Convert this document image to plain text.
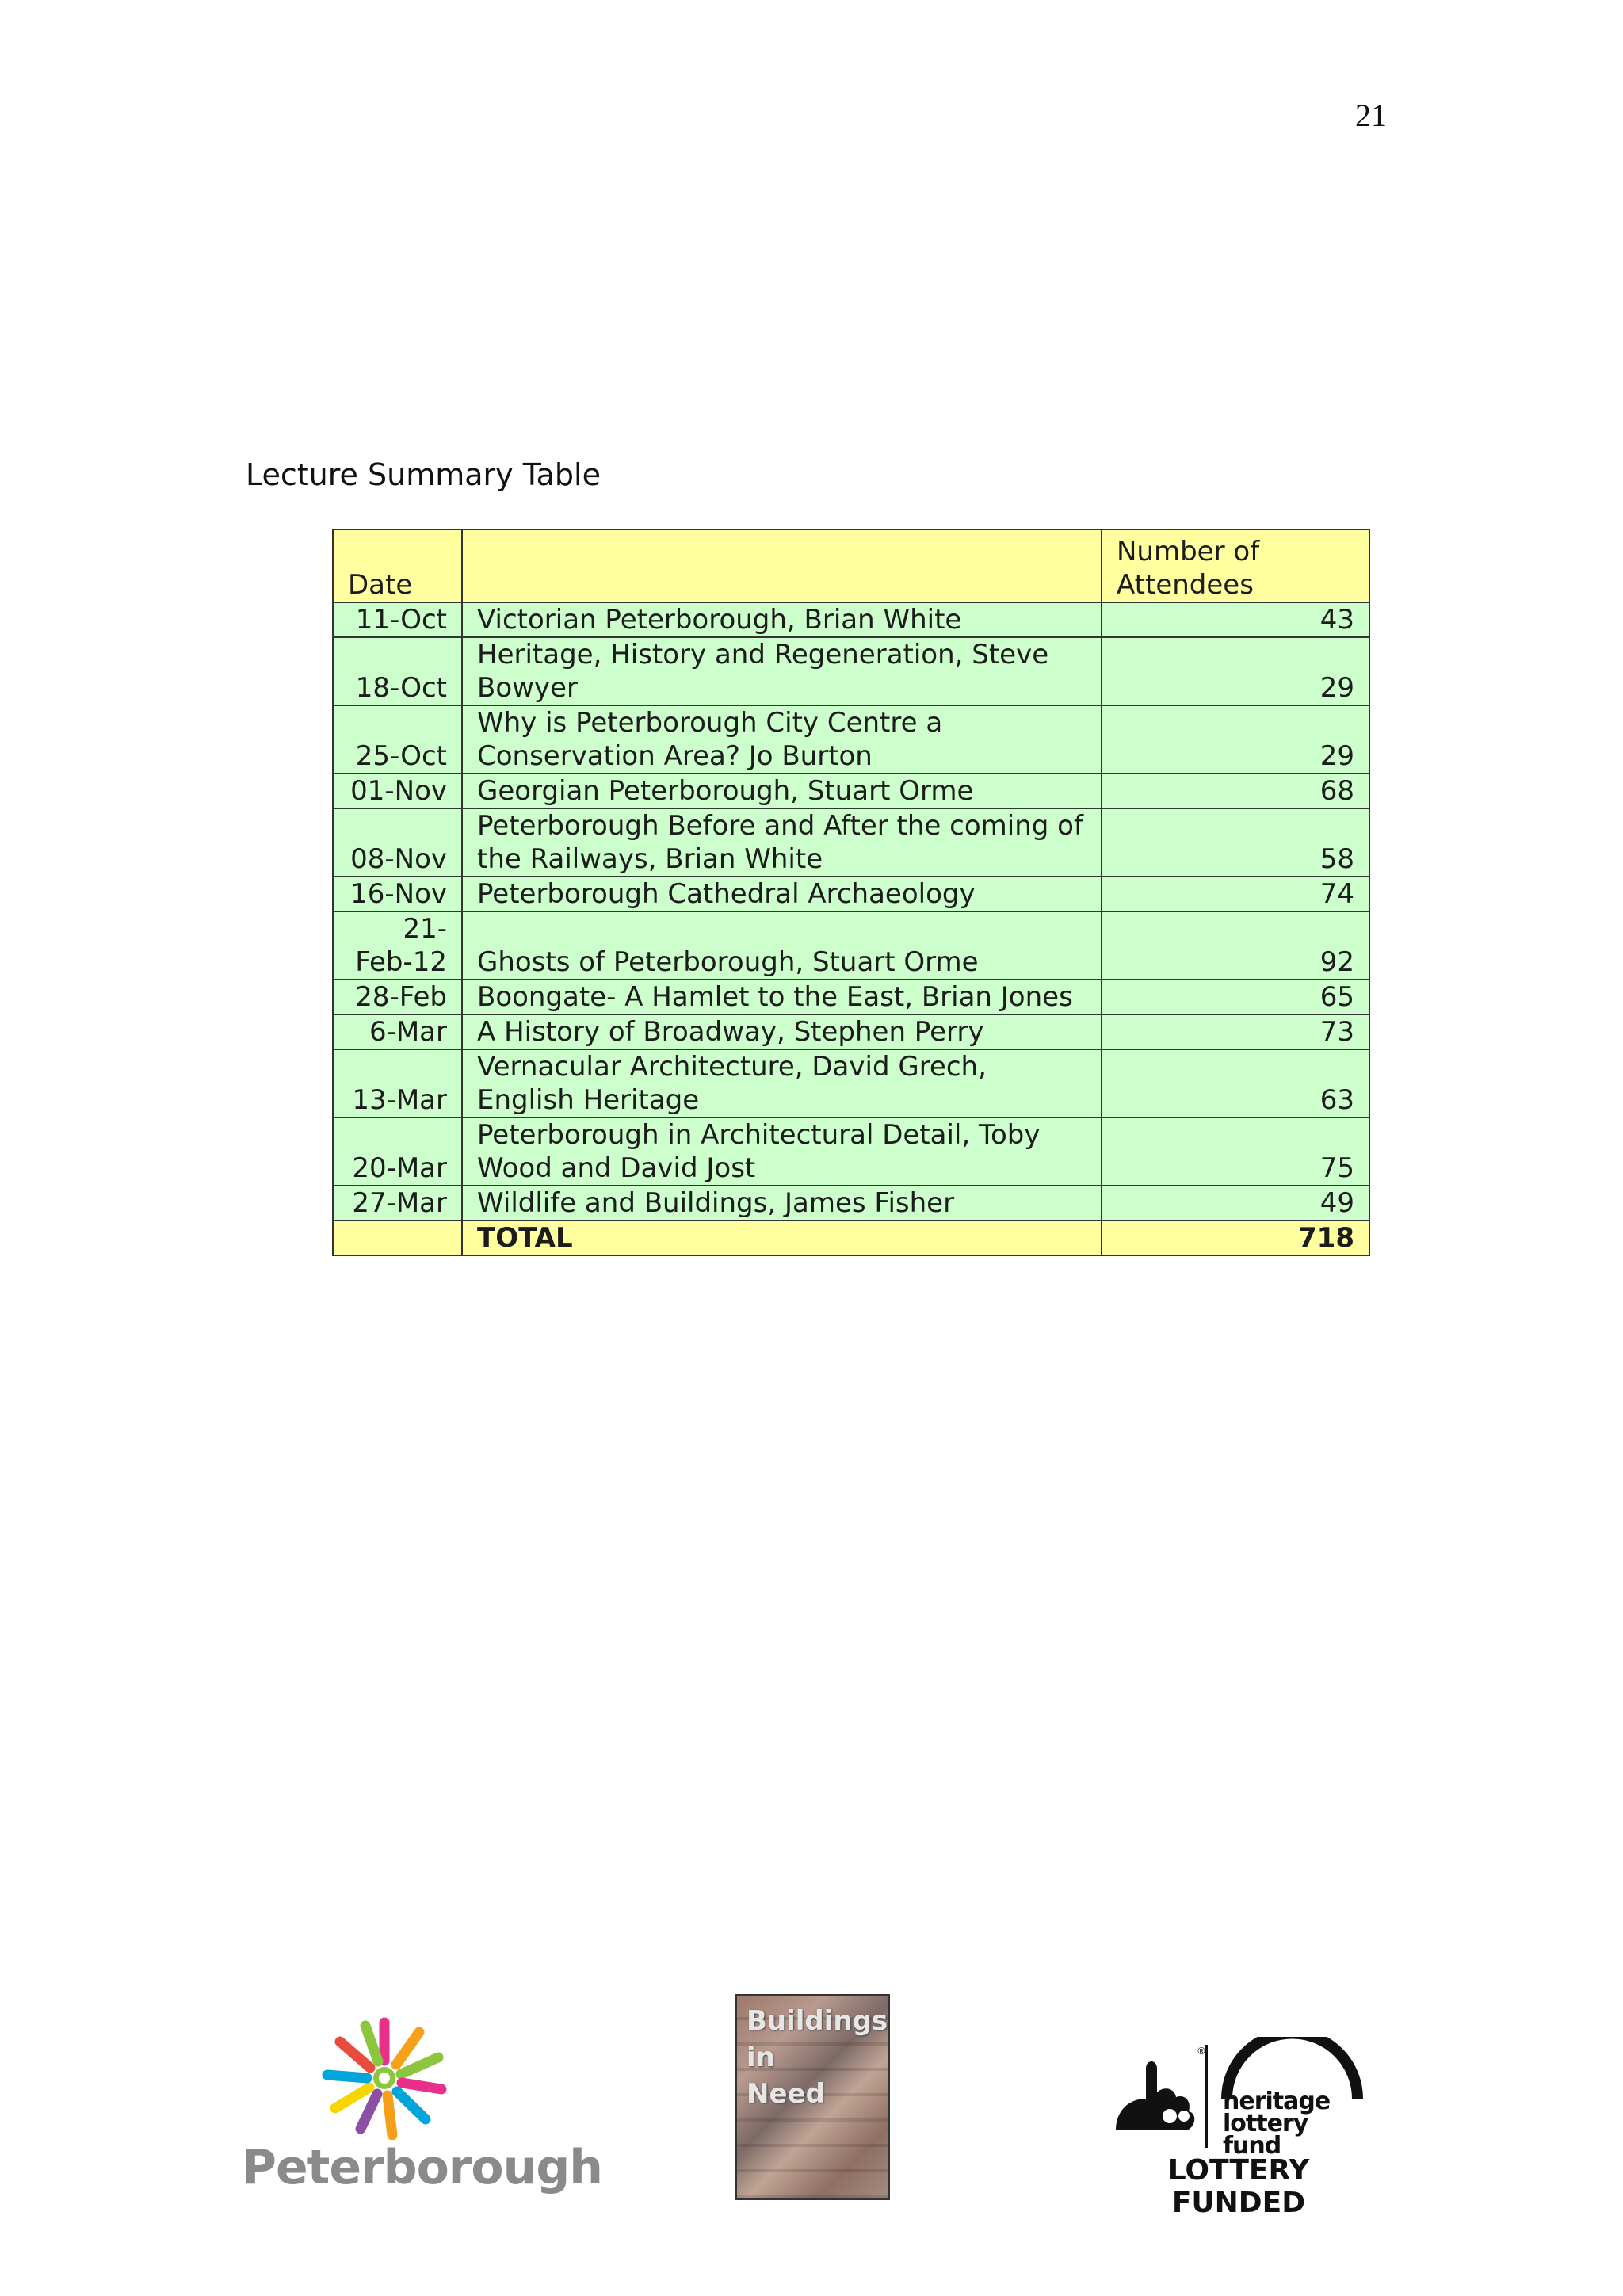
21
Lecture Summary Table
Date		Number of Attendees
11-Oct	Victorian Peterborough, Brian White	43
18-Oct	Heritage, History and Regeneration, Steve Bowyer	29
25-Oct	Why is Peterborough City Centre a Conservation Area? Jo Burton	29
01-Nov	Georgian Peterborough, Stuart Orme	68
08-Nov	Peterborough Before and After the coming of the Railways, Brian White	58
16-Nov	Peterborough Cathedral Archaeology	74
21-Feb-12	Ghosts of Peterborough, Stuart Orme	92
28-Feb	Boongate- A Hamlet to the East, Brian Jones	65
6-Mar	A History of Broadway, Stephen Perry	73
13-Mar	Vernacular Architecture, David Grech, English Heritage	63
20-Mar	Peterborough in Architectural Detail, Toby Wood and David Jost	75
27-Mar	Wildlife and Buildings, James Fisher	49
	TOTAL	718
Peterborough
Buildings
in
Need
®
heritage
lottery fund
LOTTERY FUNDED
